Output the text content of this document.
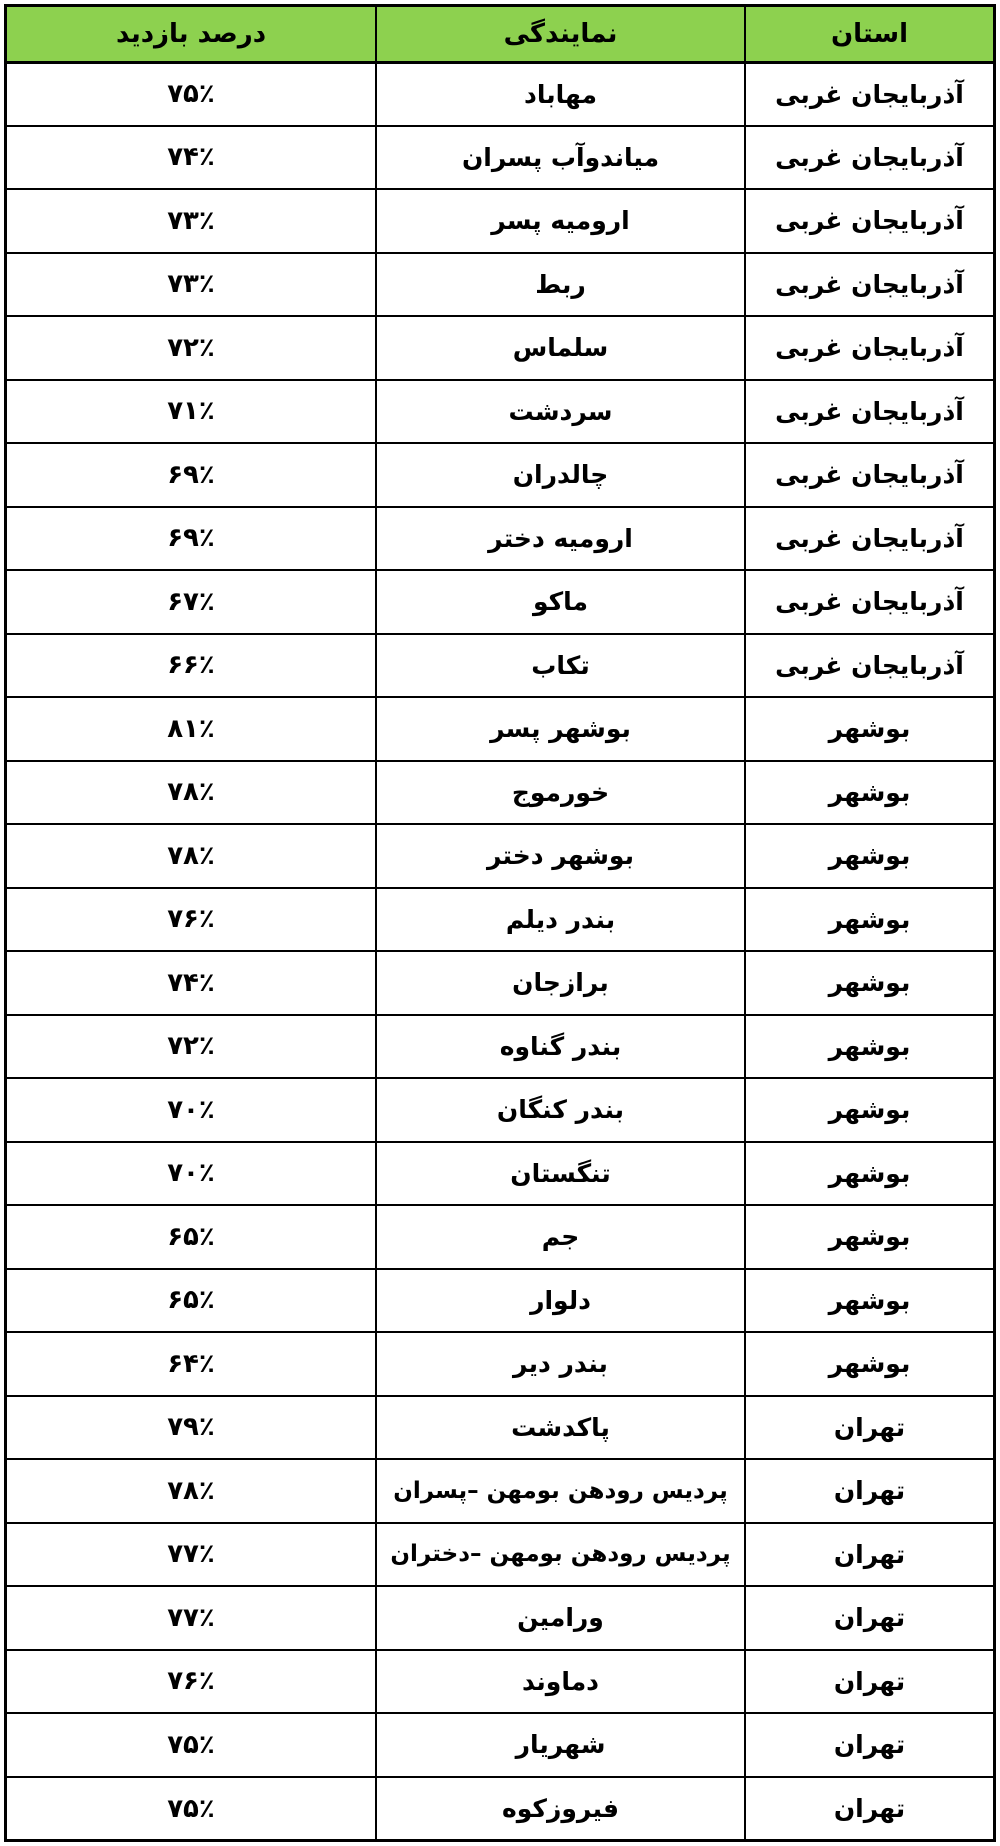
استان	نمایندگی	درصد بازدید
آذربایجان غربی	مهاباد	۷۵٪
آذربایجان غربی	میاندوآب پسران	۷۴٪
آذربایجان غربی	ارومیه پسر	۷۳٪
آذربایجان غربی	ربط	۷۳٪
آذربایجان غربی	سلماس	۷۲٪
آذربایجان غربی	سردشت	۷۱٪
آذربایجان غربی	چالدران	۶۹٪
آذربایجان غربی	ارومیه دختر	۶۹٪
آذربایجان غربی	ماکو	۶۷٪
آذربایجان غربی	تکاب	۶۶٪
بوشهر	بوشهر پسر	۸۱٪
بوشهر	خورموج	۷۸٪
بوشهر	بوشهر دختر	۷۸٪
بوشهر	بندر دیلم	۷۶٪
بوشهر	برازجان	۷۴٪
بوشهر	بندر گناوه	۷۲٪
بوشهر	بندر کنگان	۷۰٪
بوشهر	تنگستان	۷۰٪
بوشهر	جم	۶۵٪
بوشهر	دلوار	۶۵٪
بوشهر	بندر دیر	۶۴٪
تهران	پاکدشت	۷۹٪
تهران	پردیس رودهن بومهن –پسران	۷۸٪
تهران	پردیس رودهن بومهن –دختران	۷۷٪
تهران	ورامین	۷۷٪
تهران	دماوند	۷۶٪
تهران	شهریار	۷۵٪
تهران	فیروزکوه	۷۵٪
